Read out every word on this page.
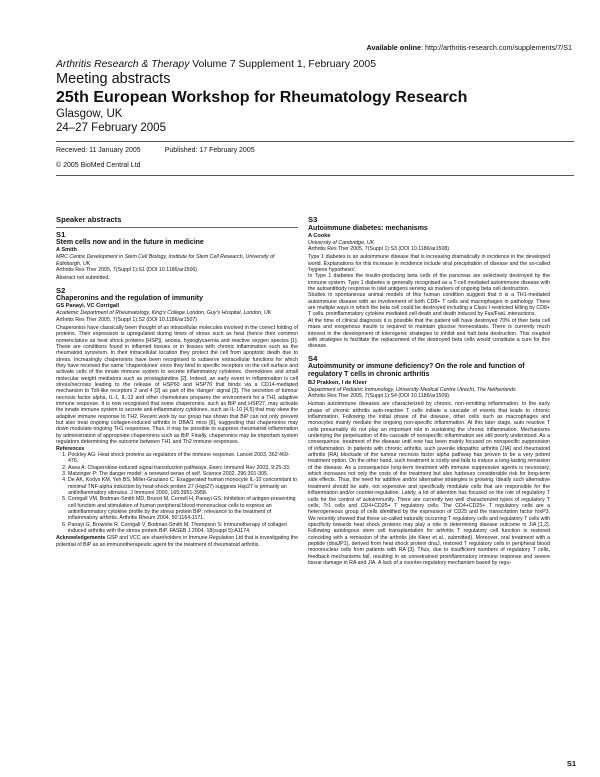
Available online: http://arthritis-research.com/supplements/7/S1

Arthritis Research & Therapy Volume 7 Supplement 1, February 2005

Meeting abstracts

25th European Workshop for Rheumatology Research

Glasgow, UK

24–27 February 2005

Received: 11 January 2005	Published: 17 February 2005
© 2005 BioMed Central Ltd

Speaker abstracts

S1

Stem cells now and in the future in medicine

A Smith

MRC Centre Development in Stem Cell Biology, Institute for Stem Cell Research, University of Edinburgh, UK

Arthritis Res Ther 2005, 7(Suppl 1):S1 (DOI 10.1186/ar1506)

Abstract not submitted.

S2

Chaperonins and the regulation of immunity

GS Panayi, VC Corrigall

Academic Department of Rheumatology, King's College London, Guy's Hospital, London, UK

Arthritis Res Ther 2005, 7(Suppl 1):S2 (DOI 10.1186/ar1507)

Chaperonins have classically been thought of as intracellular molecules involved in the correct folding of proteins. Their expression is upregulated during times of stress such as heat (hence their common nomenclature as heat shock proteins [HSP]), anoxia, hypoglycaemia and reactive oxygen species [1]. These are conditions found in inflamed tissues or in tissues with chronic inflammation such as the rheumatoid synovium. In their intracellular location they protect the cell from apoptotic death due to stress. Increasingly chaperonins have been recognised to subserve extracellular functions for which they have received the name 'chaperokines' since they bind to specific receptors on the cell surface and activate cells of the innate immune system to secrete inflammatory cytokines, chemokines and small molecular weight mediators such as prostaglandins [2]. Indeed, an early event in inflammation is cell stress/necrosis leading to the release of HSP60 and HSP70 that binds via a CD14-mediated mechanism to Toll-like receptors 2 and 4 [2] as part of the 'danger' signal [3]. The secretion of tumour necrosis factor alpha, IL-1, IL-12 and other chemokines prepares the environment for a TH1 adaptive immune response. It is now recognised that some chaperonins, such as BiP and HSP27, may activate the innate immune system to secrete anti-inflammatory cytokines, such as IL-10 [4,5] that may skew the adaptive immune response to TH2. Recent work by our group has shown that BiP can not only prevent but also treat ongoing collagen-induced arthritis in DBA/1 mice [6], suggesting that chaperonins may down modulate ongoing TH1 responses. Thus, it may be possible to suppress rheumatoid inflammation by administration of appropriate chaperonins such as BiP. Finally, chaperonins may be important system regulators determining the outcome between TH1 and Th2 immune responses.

References

1. Pockley AG: Heat shock proteins as regulators of the immune response. Lancet 2003, 362:469-476.
2. Asea A: Chaperokine-induced signal transduction pathways. Exerc Immunol Rev 2003, 9:25-33.
3. Matzinger P: The danger model: a renewed sense of self. Science 2002, 296:301-305.
4. De AK, Kodys KM, Yeh BS, Miller-Graziano C: Exaggerated human monocyte IL-10 concomitant to minimal TNF-alpha induction by heat-shock protein 27 (Hsp27) suggests Hsp27 is primarily an antiinflammatory stimulus. J Immunol 2000, 165:3951-3958.
5. Corrigall VM, Bodman-Smith MD, Brunst M, Cornell H, Panayi GS: Inhibition of antigen-presenting cell function and stimulation of human peripheral blood mononuclear cells to express an antiinflammatory cytokine profile by the stress protein BiP: relevance to the treatment of inflammatory arthritis. Arthritis Rheum 2004, 50:1164-1171.
6. Panayi G, Brownlie R, Corrigall V, Bodman-Smith M, Thompson S: Immunotherapy of collagen induced arthritis with the stress protein BiP. FASEB J 2004, 18(suppl 5):A1174.

Acknowledgements GSP and VCC are shareholders in Immune Regulation Ltd that is investigating the potential of BiP as an immunotherapeutic agent for the treatment of rheumatoid arthritis.

S3

Autoimmune diabetes: mechanisms

A Cooke

University of Cambridge, UK

Arthritis Res Ther 2005, 7(Suppl 1):S3 (DOI 10.1186/ar1508)

Type 1 diabetes is an autoimmune disease that is increasing dramatically in incidence in the developed world. Explanations for this increase in incidence include viral precipitation of disease and the so-called 'hygiene hypothesis'.

In Type 1 diabetes the insulin-producing beta cells of the pancreas are selectively destroyed by the immune system. Type 1 diabetes is generally recognised as a T-cell mediated autoimmune disease with the autoantibody response to islet antigens serving as markers of ongoing beta cell destruction.

Studies in spontaneous animal models of this human condition suggest that it is a TH1-mediated autoimmune disease with an involvement of both CD8+ T cells and macrophages in pathology. There are multiple ways in which the beta cell could be destroyed including a Class I restricted killing by CD8+ T cells, proinflammatory cytokine mediated cell death and death induced by Fas/FasL interactions.

At the time of clinical diagnosis it is possible that the patient will have destroyed 70% of their beta cell mass and exogenous insulin is required to maintain glucose homeostasis. There is currently much interest in the development of tolerogenic strategies to inhibit and halt beta destruction. This coupled with strategies to facilitate the replacement of the destroyed beta cells would constitute a cure for this disease.

S4

Autoimmunity or immune deficiency? On the role and function of regulatory T cells in chronic arthritis

BJ Prakken, I de Kleer

Department of Pediatric Immunology, University Medical Centre Utrecht, The Netherlands

Arthritis Res Ther 2005, 7(Suppl 1):S4 (DOI 10.1186/ar1509)

Human autoimmune diseases are characterized by chronic, non-remitting inflammation. In the early phase of chronic arthritis auto-reactive T cells initiate a cascade of events that leads to chronic inflammation. Following the initial phase of the disease, other cells such as macrophages and monocytes mainly mediate the ongoing non-specific inflammation. At this later stage, auto reactive T cells presumably do not play an important role in sustaining the chronic inflammation. Mechanisms underlying the perpetuation of this cascade of nonspecific inflammation are still poorly understood. As a consequence, treatment of the disease until now has been mainly focused on nonspecific suppression of inflammation. In patients with chronic arthritis, such juvenile idiopathic arthritis (JIA) and rheumatoid arthritis (RA) blockade of the tumour necrosis factor alpha pathway has proven to be a very potent treatment option. On the other hand, such treatment is costly and fails to induce a long-lasting remission of the disease. As a consequence long-term treatment with immune suppressive agents is necessary, which increases not only the costs of the treatment but also harbours considerable risk for long-term side effects. Thus, the need for additive and/or alternative strategies is growing. Ideally such alternative treatment should be safe, not expensive and specifically modulate cells that are responsible for the inflammation and/or counter-regulation. Lately, a lot of attention has focused on the role of regulatory T cells for the control of autoimmunity. There are currently two well characterized types of regulatory T cells, Tr1 cells and CD4+CD25+ T regulatory cells. The CD4+CD25+ T regulatory cells are a heterogeneous group of cells identified by the expression of CD25 and the transcription factor foxP3. We recently showed that these so-called naturally occurring T regulatory cells and regulatory T cells with specificity towards heat shock proteins may play a role in determining disease outcome in JIA [1,2]. Following autologous stem cell transplantation for arthritis T regulatory cell function is restored coinciding with a remission of the arthritis (de Kleer et al., submitted). Moreover, oral treatment with a peptide (dnaJP1), derived from heat shock protein dnaJ, restored T regulatory cells in peripheral blood mononuclear cells from patients with RA [3]. Thus, due to insufficient numbers of regulatory T cells, feedback mechanisms fail, resulting in an unrestrained proinflammatory immune response and severe tissue damage in RA and JIA. A lack of a counter-regulatory mechanism based by regu-

S1
